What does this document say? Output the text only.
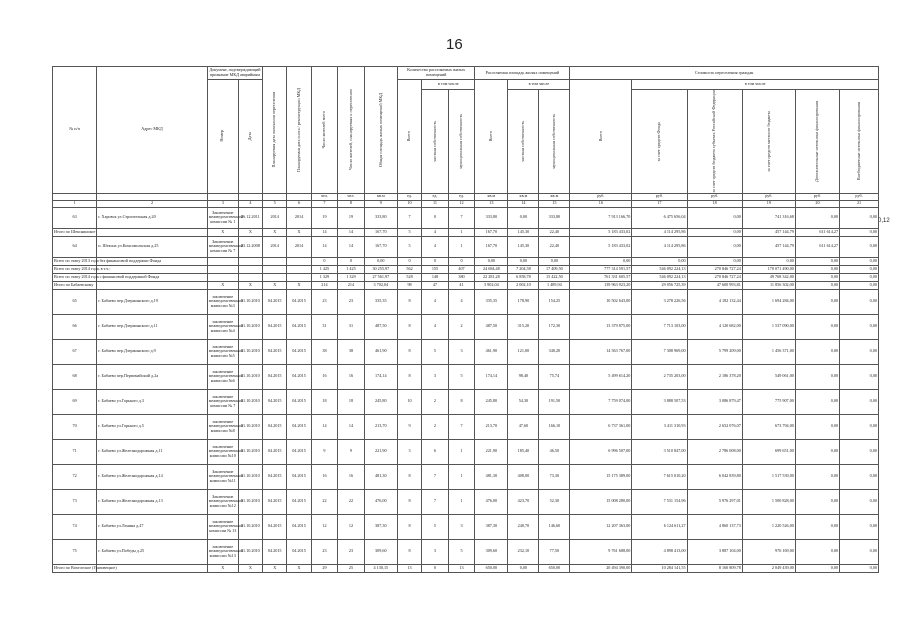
16
0,12
№ п/п	Адрес МКД	Документ, подтверждающий признание МКД аварийным		Планируемая дата окончания переселения	Планируемая дата сноса / реконструкции МКД	Число жителей всего	Число жителей, планируемых к переселению	Общая площадь жилых помещений МКД	Количество расселяемых жилых помещений			Расселяемая площадь жилых помещений			Стоимость переселения граждан					

		Номер	Дата						Всего	в том числе		Всего	в том числе		Всего	в том числе				

										частная собственность	муниципальная собственность		частная собственность	муниципальная собственность		за счет средств Фонда	за счет средств бюджета субъекта Российской Федерации	за счет средств местного бюджета	Дополнительные источники финансирования	Внебюджетные источники финансирования

						чел.	чел.	кв.м	ед.	ед.	ед.	кв.м	кв.м	кв.м	руб.	руб.	руб.	руб.	руб.	руб.
1	2	3	4	5	6	7	8	9	10	11	12	13	14	15	16	17	18	19	20	21
63	г. Харовск ул.Строительная д.20	Заключение межведомственной комиссии № 1	26.12.2011	2014	2014	19	19	333,80	7	0	7	333,80	0,00	333,80	7 913 166,70	6 475 656,04	0,00	741 316,68	0,00	0,00
Итого по Шекснинское		X	X	X	X	14	14	167,70	5	4	1	167,70	145,30	22,40	5 183 433,02	4 114 295,86	0,00	457 144,79	611 614,27	0,00
64	п. Шексна ул.Комсомольская д.25	Заключение межведомственной комиссии № 7	23.12.2008	2014	2014	14	14	167,70	5	4	1	167,70	145,30	22,40	5 183 433,02	4 114 295,86	0,00	457 144,79	611 614,27	0,00
Всего по этапу 2013 года без финансовой поддержки Фонда						0	0	0,00	0	0	0	0,00	0,00	0,00	0,00	0,00	0,00	0,00	0,00	0,00
Всего по этапу 2014 года, в т.ч.:						1 425	1 425	30 255,97	562	155	407	24 684,48	7 204,58	17 409,50	777 314 591,57	546 092 224,13	270 846 727,24	170 071 490,00	0,00	0,00
Всего по этапу 2014 года с финансовой поддержкой Фонда						1 329	1 329	27 561,97	528	148	380	22 281,28	6 858,78	15 422,50	761 331 605,57	546 092 224,13	270 846 727,24	49 768 342,00	0,00	0,00
Итого по Бабаевскому		X	X	X	X	214	214	3 702,04	98	47	41	3 902,04	2 002,10	1 489,94	139 963 923,20	29 056 725,39	47 600 993,81	11 856 302,00	0,00	0,00
65	г. Бабаево пер.Дзержинского д.19	заключение межведомственной комиссии №3	11.10.2010	04.2015	04.2015	23	23	335,35	8	4	4	335,35	178,90	154,25	10 502 643,00	3 278 226,56	4 182 132,44	1 694 284,00	0,00	0,00
66	г. Бабаево пер.Дзержинского д.11	заключение межведомственной комиссии №4	11.10.2010	04.2015	04.2015	31	31	487,50	8	4	2	487,50	315,20	172,30	13 379 875,00	7 713 103,00	4 120 682,00	1 537 090,00	0,00	0,00
67	г. Бабаево пер.Дзержинского д.9	заключение межведомственной комиссии №5	11.10.2010	04.2015	04.2015	38	38	461,90	8	5	3	461,90	121,00	340,20	14 563 767,00	7 308 969,00	5 799 209,00	1 456 371,00	0,00	0,00
68	г. Бабаево пер.Первомайский д.2а	заключение межведомственной комиссии №6	11.10.2010	04.2015	04.2015	16	16	174,14	8	3	5	174,14	98,40	75,74	5 499 614,20	2 735 203,00	2 186 378,20	549 061,00	0,00	0,00
69	г. Бабаево ул.Горького д.3	заключение межведомственной комиссии № 7	11.10.2010	04.2015	04.2015	18	18	245,80	10	2	8	245,80	54,30	191,50	7 759 074,00	3 888 507,53	3 086 879,47	775 907,00	0,00	0,00
70	г. Бабаево ул.Горького д.5	заключение межведомственной комиссии №8	11.10.2010	04.2015	04.2015	14	14	213,70	9	2	7	213,70	47,60	166,10	6 737 361,00	3 411 310,93	2 652 076,07	673 794,00	0,00	0,00
71	г. Бабаево ул.Железнодорожная д.11	заключение межведомственной комиссии №10	11.10.2010	04.2015	04.2015	9	9	221,90	3	6	1	221,90	185,40	46,50	6 996 507,00	3 510 847,00	2 786 008,00	699 651,00	0,00	0,00
72	г. Бабаево ул.Железнодорожная д.14	Заключение межведомственной комиссии №11	11.10.2010	04.2015	04.2015	16	16	481,30	8	7	1	481,30	408,00	73,30	15 175 389,00	7 615 010,20	6 042 839,80	1 517 539,00	0,00	0,00
73	г. Бабаево ул.Железнодорожная д.13	Заключение межведомственной комиссии №12	11.10.2010	04.2015	04.2015	22	22	476,00	8	7	1	476,00	423,70	52,30	15 008 280,00	7 531 154,96	5 976 297,01	1 500 828,00	0,00	0,00
74	г. Бабаево ул.Ленина д.47	заключение межведомственной комиссии № 13	11.10.2010	04.2015	04.2015	12	12	387,30	8	5	3	387,30	240,70	146,60	12 207 363,00	6 124 611,27	4 860 137,73	1 220 526,00	0,00	0,00
75	г. Бабаево ул.Победы д.25	заключение межведомственной комиссии №13	11.10.2010	04.2015	04.2015	23	23	309,60	8	3	5	309,60	232,10	77,50	9 761 688,00	4 898 413,00	3 887 104,00	976 169,00	0,00	0,00
Итого по Вохтогское (Грязовецкое)		X	X	X	X	29	25	4 130,15	13	0	13	650,00	0,00	650,00	20 494 390,00	10 284 141,55	8 160 809,78	2 049 439,00	0,00	0,00
